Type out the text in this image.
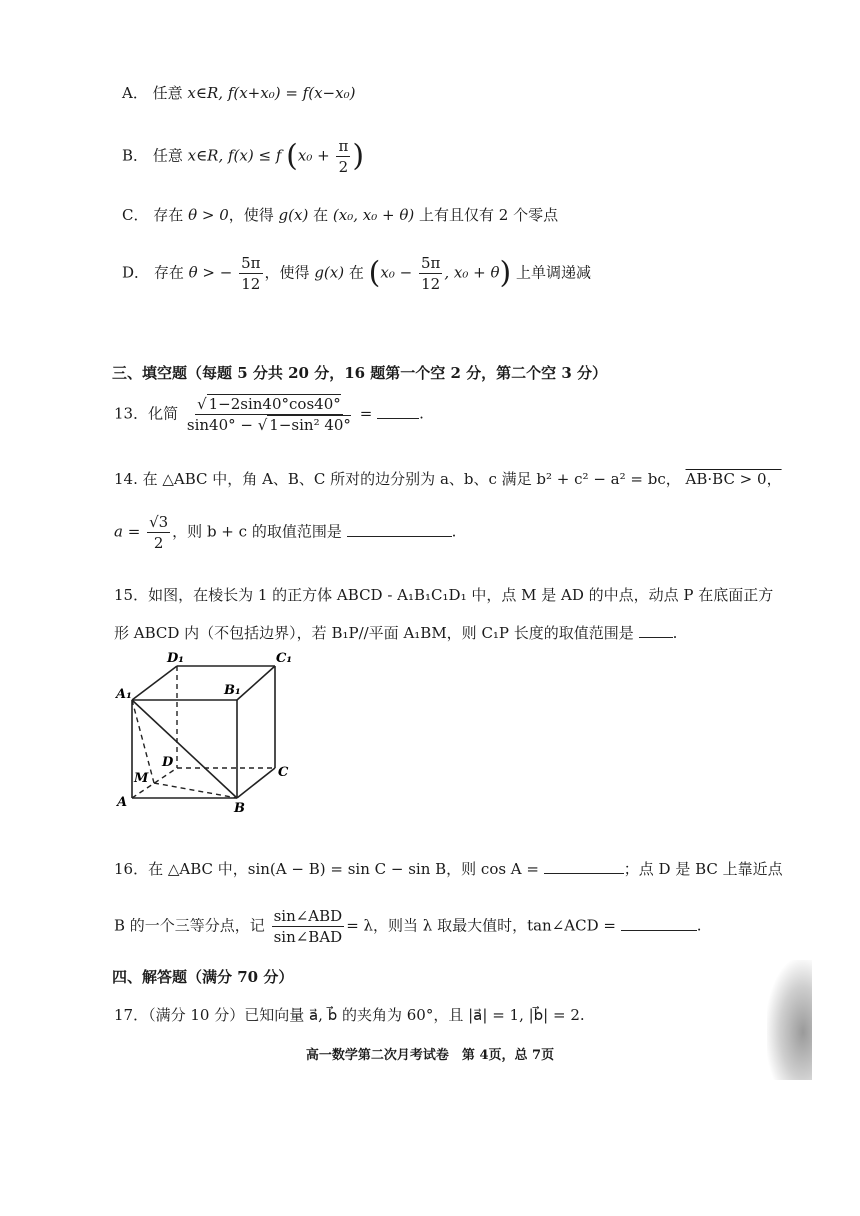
A． 任意 x∈R, f(x+x₀) = f(x−x₀)
B． 任意 x∈R, f(x) ≤ f ($x_0 + \frac{\pi}{2}$ )
C． 存在 θ > 0，使得 g(x) 在 (x₀, x₀ + θ) 上有且仅有 2 个零点
D． 存在 θ > − $\frac{5\pi}{12}$ ，使得 g(x) 在 ($x_0 - \frac{5\pi}{12}$ , x₀ + θ) 上单调递减
三、填空题（每题 5 分共 20 分，16 题第一个空 2 分，第二个空 3 分）
13．化简 $\frac{√ 1-2\sin 40^\circ\cos 40^\circ}{\text{sin40° − √ 1−sin² 40°}}$ =	.
14. 在 △ABC 中，角 A、B、C 所对的边分别为 a、b、c 满足 b² + c² − a² = bc， AB·BC > 0，
$a = \frac{√3}{2}$ ，则 b + c 的取值范围是	.
15．如图，在棱长为 1 的正方体 ABCD - A₁B₁C₁D₁ 中，点 M 是 AD 的中点，动点 P 在底面正方
形 ABCD 内（不包括边界），若 B₁P//平面 A₁BM，则 C₁P 长度的取值范围是	.
D₁	C₁
A₁	B₁
D
C
M
A	B
16．在 △ABC 中，sin(A − B) = sin C − sin B，则 cos A =	；点 D 是 BC 上靠近点
B 的一个三等分点，记 $\frac{\text{sin∠ABD}}{\text{sin∠BAD}} = \lambda$，则当 λ 取最大值时，tan∠ACD =	.
四、解答题（满分 70 分）
17．（满分 10 分）已知向量 a⃗, b⃗ 的夹角为 60°，且 |a⃗| = 1, |b⃗| = 2.
高一数学第二次月考试卷　第 4页，总 7页
